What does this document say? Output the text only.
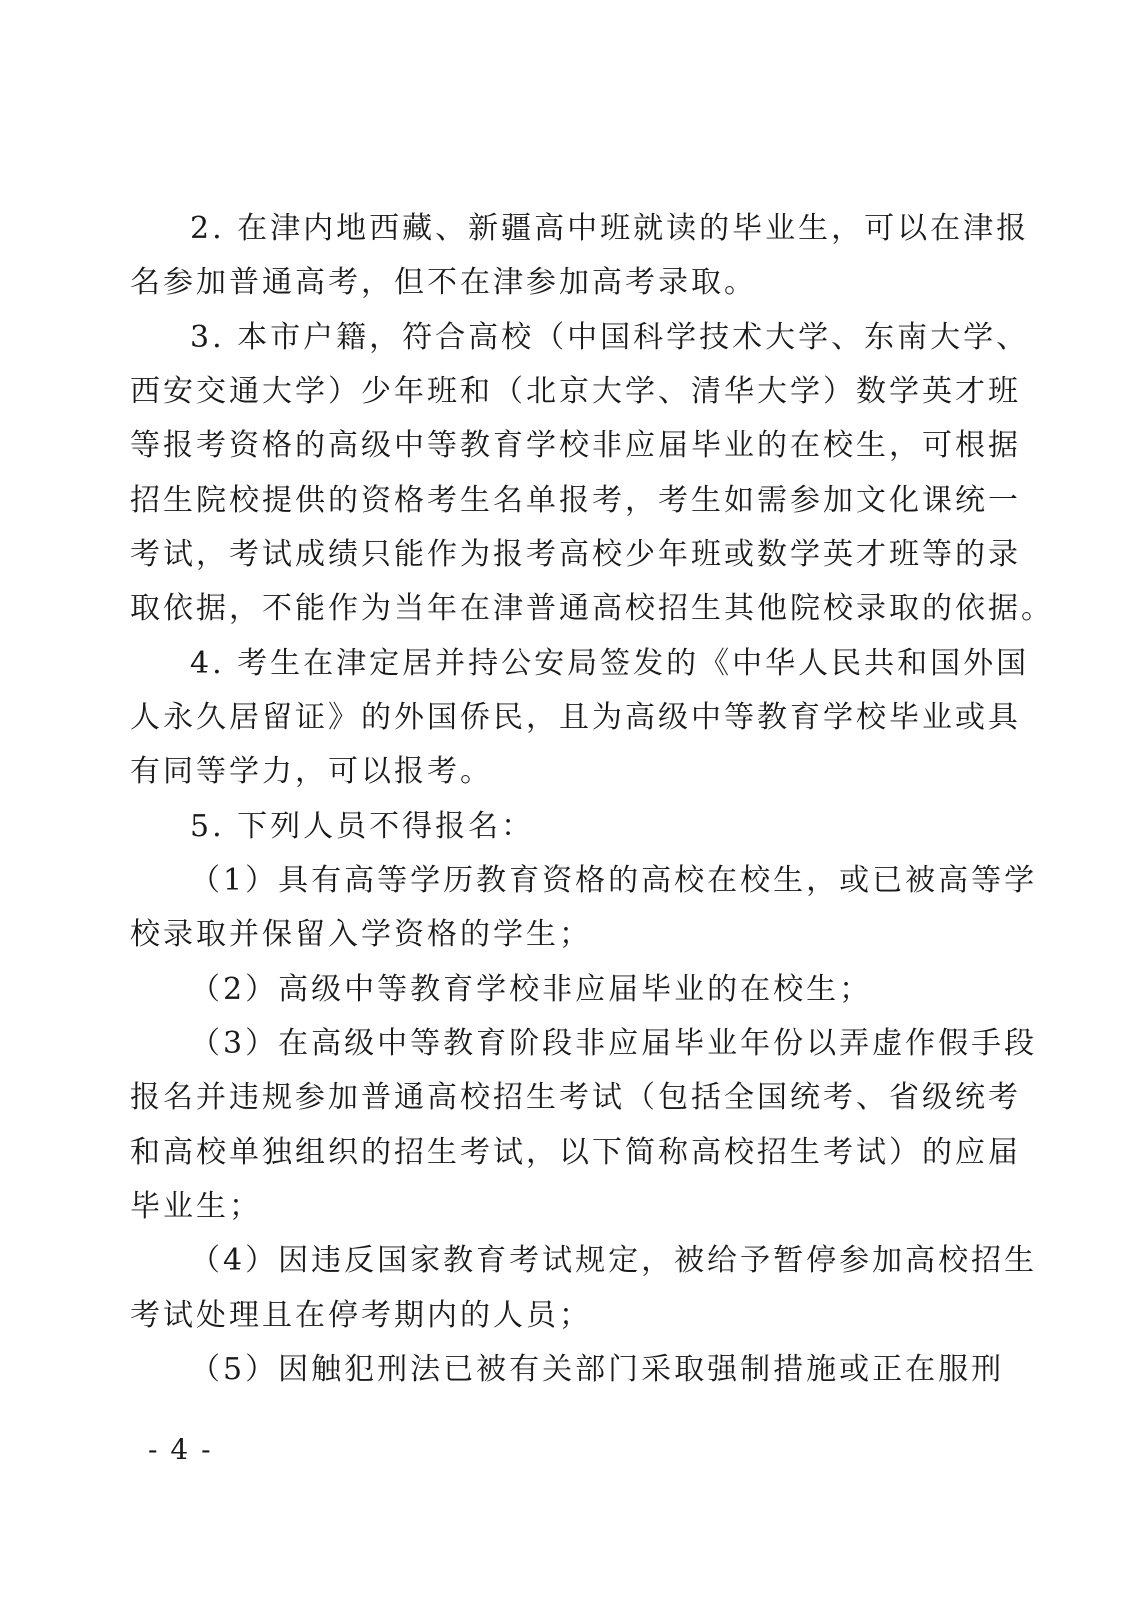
2. 在津内地西藏、新疆高中班就读的毕业生，可以在津报
名参加普通高考，但不在津参加高考录取。
3. 本市户籍，符合高校（中国科学技术大学、东南大学、
西安交通大学）少年班和（北京大学、清华大学）数学英才班
等报考资格的高级中等教育学校非应届毕业的在校生，可根据
招生院校提供的资格考生名单报考，考生如需参加文化课统一
考试，考试成绩只能作为报考高校少年班或数学英才班等的录
取依据，不能作为当年在津普通高校招生其他院校录取的依据。
4. 考生在津定居并持公安局签发的《中华人民共和国外国
人永久居留证》的外国侨民，且为高级中等教育学校毕业或具
有同等学力，可以报考。
5. 下列人员不得报名：
（1）具有高等学历教育资格的高校在校生，或已被高等学
校录取并保留入学资格的学生；
（2）高级中等教育学校非应届毕业的在校生；
（3）在高级中等教育阶段非应届毕业年份以弄虚作假手段
报名并违规参加普通高校招生考试（包括全国统考、省级统考
和高校单独组织的招生考试，以下简称高校招生考试）的应届
毕业生；
（4）因违反国家教育考试规定，被给予暂停参加高校招生
考试处理且在停考期内的人员；
（5）因触犯刑法已被有关部门采取强制措施或正在服刑
- 4 -
